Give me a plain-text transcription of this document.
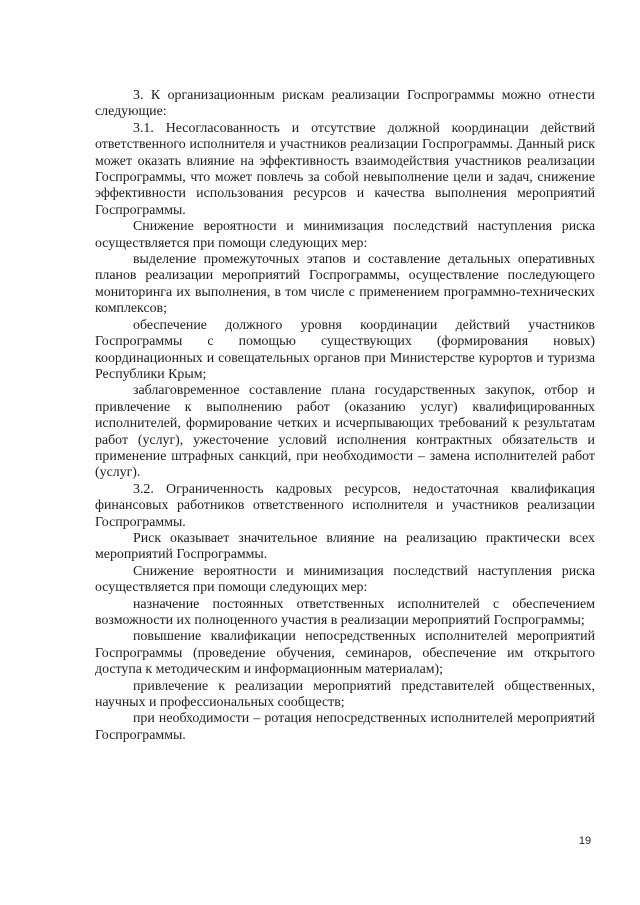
3. К организационным рискам реализации Госпрограммы можно отнести следующие:

3.1. Несогласованность и отсутствие должной координации действий ответственного исполнителя и участников реализации Госпрограммы. Данный риск может оказать влияние на эффективность взаимодействия участников реализации Госпрограммы, что может повлечь за собой невыполнение цели и задач, снижение эффективности использования ресурсов и качества выполнения мероприятий Госпрограммы.

Снижение вероятности и минимизация последствий наступления риска осуществляется при помощи следующих мер:

выделение промежуточных этапов и составление детальных оперативных планов реализации мероприятий Госпрограммы, осуществление последующего мониторинга их выполнения, в том числе с применением программно-технических комплексов;

обеспечение должного уровня координации действий участников Госпрограммы с помощью существующих (формирования новых) координационных и совещательных органов при Министерстве курортов и туризма Республики Крым;

заблаговременное составление плана государственных закупок, отбор и привлечение к выполнению работ (оказанию услуг) квалифицированных исполнителей, формирование четких и исчерпывающих требований к результатам работ (услуг), ужесточение условий исполнения контрактных обязательств и применение штрафных санкций, при необходимости – замена исполнителей работ (услуг).

3.2. Ограниченность кадровых ресурсов, недостаточная квалификация финансовых работников ответственного исполнителя и участников реализации Госпрограммы.

Риск оказывает значительное влияние на реализацию практически всех мероприятий Госпрограммы.

Снижение вероятности и минимизация последствий наступления риска осуществляется при помощи следующих мер:

назначение постоянных ответственных исполнителей с обеспечением возможности их полноценного участия в реализации мероприятий Госпрограммы;

повышение квалификации непосредственных исполнителей мероприятий Госпрограммы (проведение обучения, семинаров, обеспечение им открытого доступа к методическим и информационным материалам);

привлечение к реализации мероприятий представителей общественных, научных и профессиональных сообществ;

при необходимости – ротация непосредственных исполнителей мероприятий Госпрограммы.

19
